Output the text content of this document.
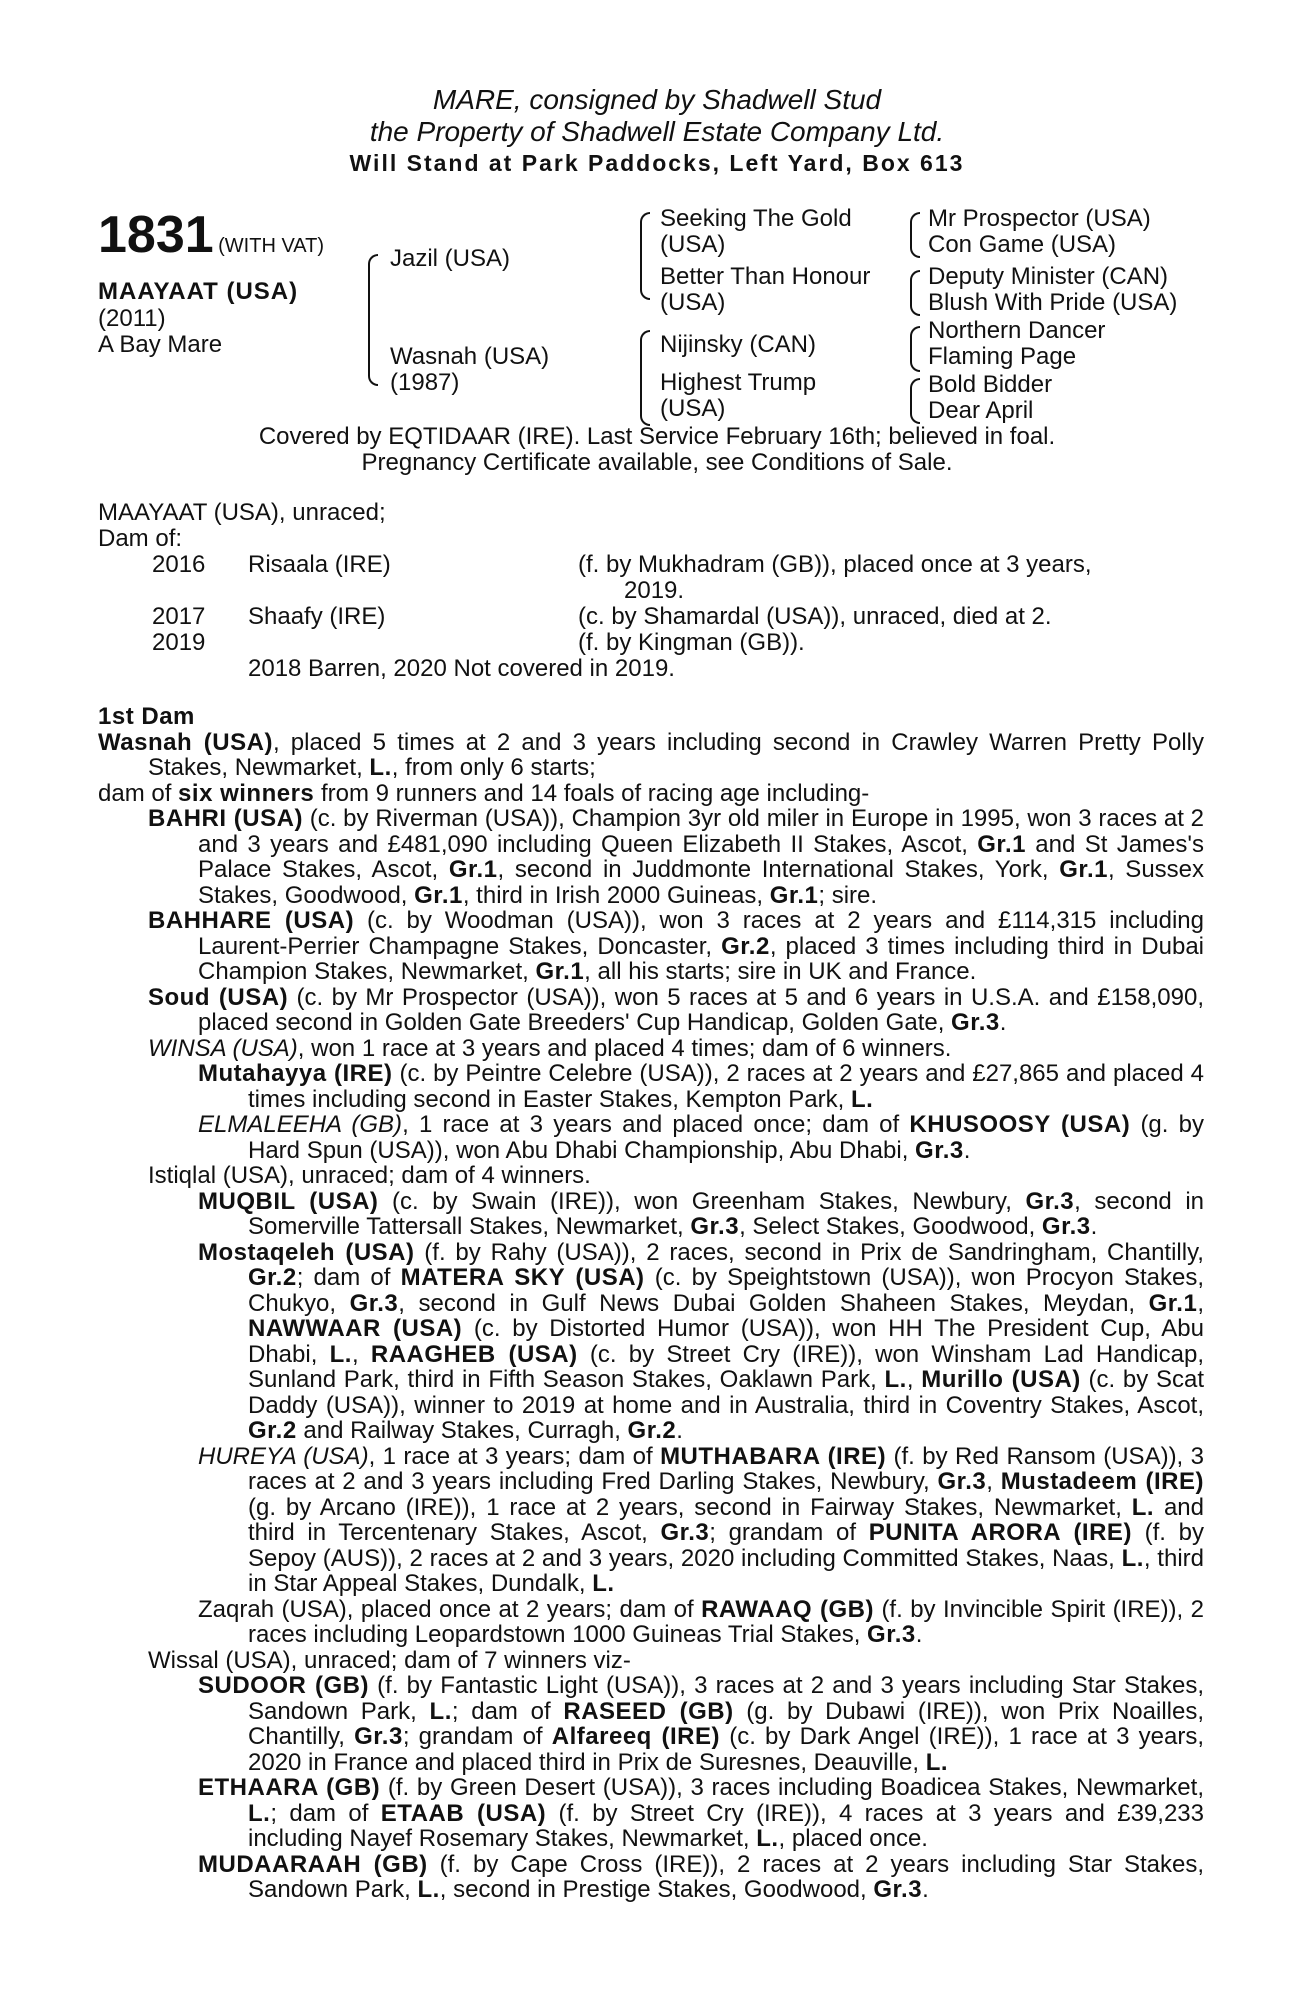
MARE, consigned by Shadwell Stud
the Property of Shadwell Estate Company Ltd.
Will Stand at Park Paddocks, Left Yard, Box 613
1831 (WITH VAT)
MAAYAAT (USA)
(2011)
A Bay Mare
Jazil (USA)
Wasnah (USA)
(1987)
Seeking The Gold
(USA)
Better Than Honour
(USA)
Nijinsky (CAN)
Highest Trump
(USA)
Mr Prospector (USA)
Con Game (USA)
Deputy Minister (CAN)
Blush With Pride (USA)
Northern Dancer
Flaming Page
Bold Bidder
Dear April
Covered by EQTIDAAR (IRE). Last Service February 16th; believed in foal.
Pregnancy Certificate available, see Conditions of Sale.
MAAYAAT (USA), unraced;
Dam of:
2016 Risaala (IRE)	(f. by Mukhadram (GB)), placed once at 3 years,
2019.
2017 Shaafy (IRE)	(c. by Shamardal (USA)), unraced, died at 2.
2019	(f. by Kingman (GB)).
2018 Barren, 2020 Not covered in 2019.

1st Dam

Wasnah (USA), placed 5 times at 2 and 3 years including second in Crawley Warren Pretty Polly Stakes, Newmarket, L., from only 6 starts;

dam of six winners from 9 runners and 14 foals of racing age including-

BAHRI (USA) (c. by Riverman (USA)), Champion 3yr old miler in Europe in 1995, won 3 races at 2 and 3 years and £481,090 including Queen Elizabeth II Stakes, Ascot, Gr.1 and St James's Palace Stakes, Ascot, Gr.1, second in Juddmonte International Stakes, York, Gr.1, Sussex Stakes, Goodwood, Gr.1, third in Irish 2000 Guineas, Gr.1; sire.

BAHHARE (USA) (c. by Woodman (USA)), won 3 races at 2 years and £114,315 including Laurent-Perrier Champagne Stakes, Doncaster, Gr.2, placed 3 times including third in Dubai Champion Stakes, Newmarket, Gr.1, all his starts; sire in UK and France.

Soud (USA) (c. by Mr Prospector (USA)), won 5 races at 5 and 6 years in U.S.A. and £158,090, placed second in Golden Gate Breeders' Cup Handicap, Golden Gate, Gr.3.

WINSA (USA), won 1 race at 3 years and placed 4 times; dam of 6 winners.

Mutahayya (IRE) (c. by Peintre Celebre (USA)), 2 races at 2 years and £27,865 and placed 4 times including second in Easter Stakes, Kempton Park, L.

ELMALEEHA (GB), 1 race at 3 years and placed once; dam of KHUSOOSY (USA) (g. by Hard Spun (USA)), won Abu Dhabi Championship, Abu Dhabi, Gr.3.

Istiqlal (USA), unraced; dam of 4 winners.

MUQBIL (USA) (c. by Swain (IRE)), won Greenham Stakes, Newbury, Gr.3, second in Somerville Tattersall Stakes, Newmarket, Gr.3, Select Stakes, Goodwood, Gr.3.

Mostaqeleh (USA) (f. by Rahy (USA)), 2 races, second in Prix de Sandringham, Chantilly, Gr.2; dam of MATERA SKY (USA) (c. by Speightstown (USA)), won Procyon Stakes, Chukyo, Gr.3, second in Gulf News Dubai Golden Shaheen Stakes, Meydan, Gr.1, NAWWAAR (USA) (c. by Distorted Humor (USA)), won HH The President Cup, Abu Dhabi, L., RAAGHEB (USA) (c. by Street Cry (IRE)), won Winsham Lad Handicap, Sunland Park, third in Fifth Season Stakes, Oaklawn Park, L., Murillo (USA) (c. by Scat Daddy (USA)), winner to 2019 at home and in Australia, third in Coventry Stakes, Ascot, Gr.2 and Railway Stakes, Curragh, Gr.2.

HUREYA (USA), 1 race at 3 years; dam of MUTHABARA (IRE) (f. by Red Ransom (USA)), 3 races at 2 and 3 years including Fred Darling Stakes, Newbury, Gr.3, Mustadeem (IRE) (g. by Arcano (IRE)), 1 race at 2 years, second in Fairway Stakes, Newmarket, L. and third in Tercentenary Stakes, Ascot, Gr.3; grandam of PUNITA ARORA (IRE) (f. by Sepoy (AUS)), 2 races at 2 and 3 years, 2020 including Committed Stakes, Naas, L., third in Star Appeal Stakes, Dundalk, L.

Zaqrah (USA), placed once at 2 years; dam of RAWAAQ (GB) (f. by Invincible Spirit (IRE)), 2 races including Leopardstown 1000 Guineas Trial Stakes, Gr.3.

Wissal (USA), unraced; dam of 7 winners viz-

SUDOOR (GB) (f. by Fantastic Light (USA)), 3 races at 2 and 3 years including Star Stakes, Sandown Park, L.; dam of RASEED (GB) (g. by Dubawi (IRE)), won Prix Noailles, Chantilly, Gr.3; grandam of Alfareeq (IRE) (c. by Dark Angel (IRE)), 1 race at 3 years, 2020 in France and placed third in Prix de Suresnes, Deauville, L.

ETHAARA (GB) (f. by Green Desert (USA)), 3 races including Boadicea Stakes, Newmarket, L.; dam of ETAAB (USA) (f. by Street Cry (IRE)), 4 races at 3 years and £39,233 including Nayef Rosemary Stakes, Newmarket, L., placed once.

MUDAARAAH (GB) (f. by Cape Cross (IRE)), 2 races at 2 years including Star Stakes, Sandown Park, L., second in Prestige Stakes, Goodwood, Gr.3.
